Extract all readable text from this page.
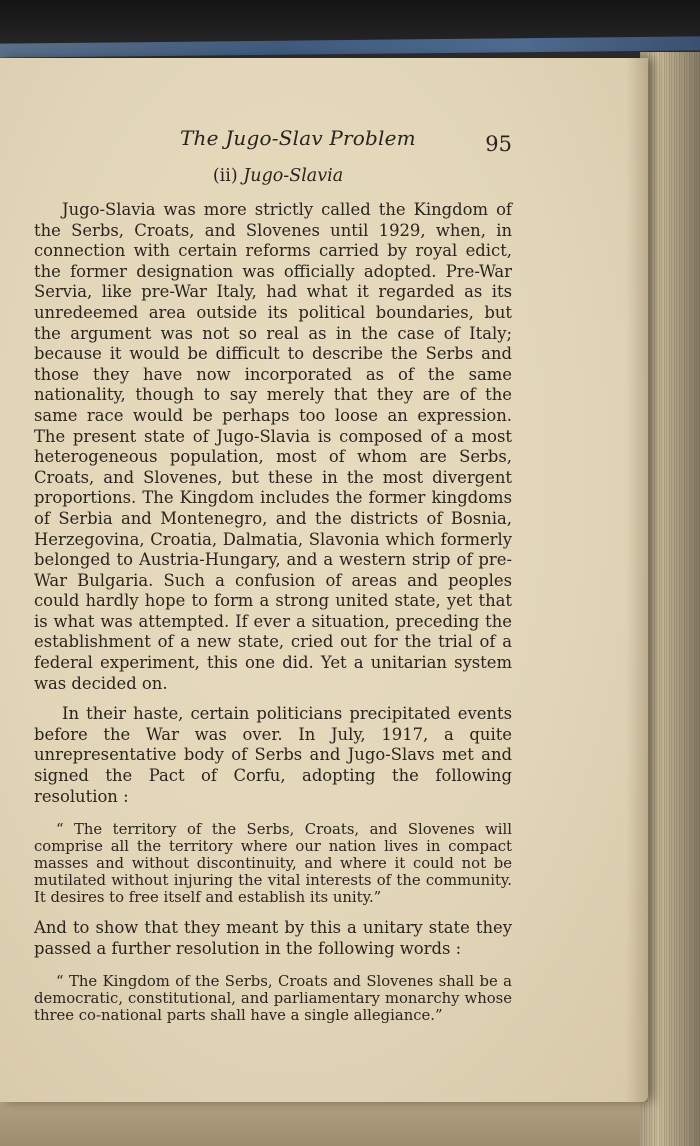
The Jugo-Slav Problem	95
(ii) Jugo-Slavia

Jugo-Slavia was more strictly called the Kingdom of the Serbs, Croats, and Slovenes until 1929, when, in connection with certain reforms carried by royal edict, the former designation was officially adopted. Pre-War Servia, like pre-War Italy, had what it regarded as its unredeemed area outside its political boundaries, but the argument was not so real as in the case of Italy; because it would be difficult to describe the Serbs and those they have now incorporated as of the same nationality, though to say merely that they are of the same race would be perhaps too loose an expression. The present state of Jugo-Slavia is composed of a most heterogeneous population, most of whom are Serbs, Croats, and Slovenes, but these in the most divergent proportions. The Kingdom includes the former kingdoms of Serbia and Montenegro, and the districts of Bosnia, Herzegovina, Croatia, Dalmatia, Slavonia which formerly belonged to Austria-Hungary, and a western strip of pre-War Bulgaria. Such a confusion of areas and peoples could hardly hope to form a strong united state, yet that is what was attempted. If ever a situation, preceding the establishment of a new state, cried out for the trial of a federal experiment, this one did. Yet a unitarian system was decided on.

In their haste, certain politicians precipitated events before the War was over. In July, 1917, a quite unrepresentative body of Serbs and Jugo-Slavs met and signed the Pact of Corfu, adopting the following resolution :

“ The territory of the Serbs, Croats, and Slovenes will comprise all the territory where our nation lives in compact masses and without discontinuity, and where it could not be mutilated without injuring the vital interests of the community. It desires to free itself and establish its unity.”

And to show that they meant by this a unitary state they passed a further resolution in the following words :

“ The Kingdom of the Serbs, Croats and Slovenes shall be a democratic, constitutional, and parliamentary monarchy whose three co-national parts shall have a single allegiance.”
